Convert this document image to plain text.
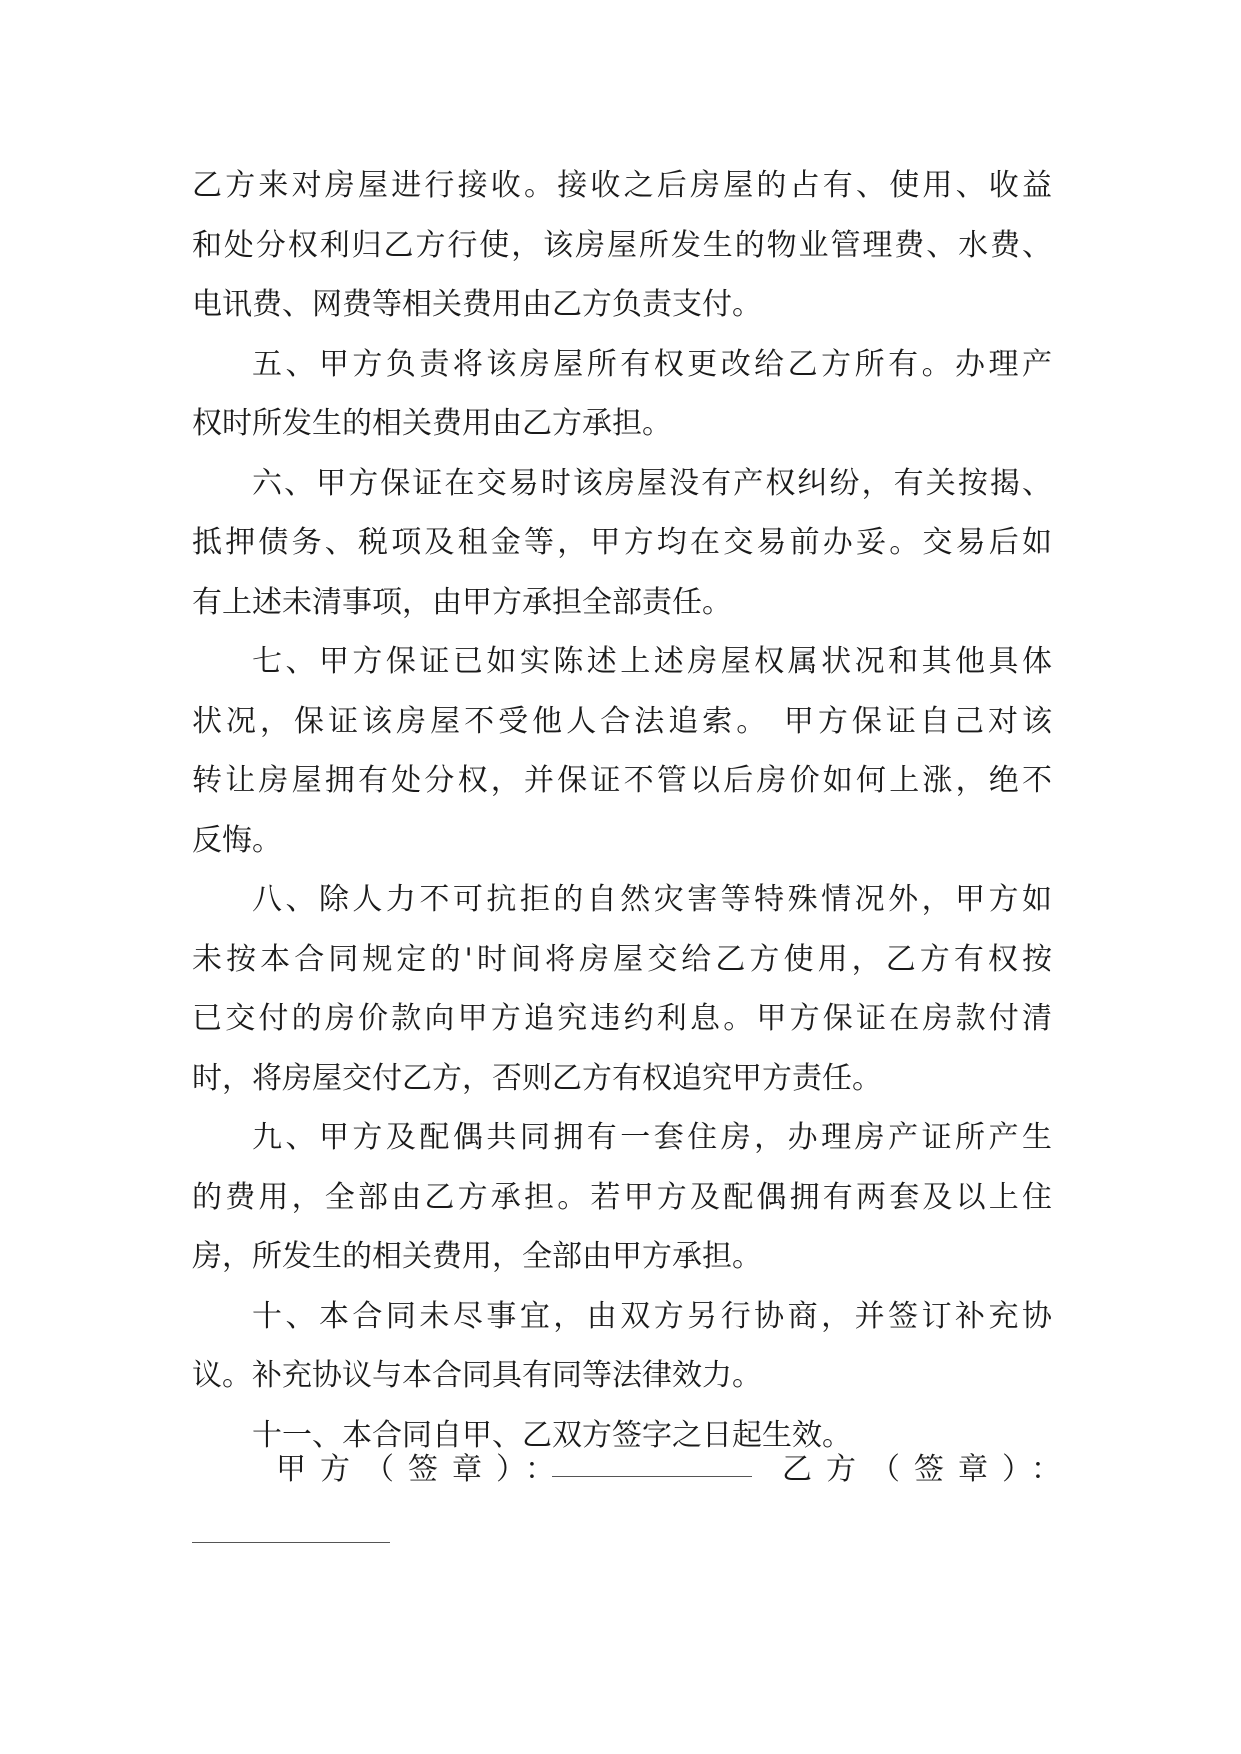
乙方来对房屋进行接收。接收之后房屋的占有、使用、收益
和处分权利归乙方行使，该房屋所发生的物业管理费、水费、
电讯费、网费等相关费用由乙方负责支付。
五、甲方负责将该房屋所有权更改给乙方所有。办理产
权时所发生的相关费用由乙方承担。
六、甲方保证在交易时该房屋没有产权纠纷，有关按揭、
抵押债务、税项及租金等，甲方均在交易前办妥。交易后如
有上述未清事项，由甲方承担全部责任。
七、甲方保证已如实陈述上述房屋权属状况和其他具体
状况，保证该房屋不受他人合法追索。 甲方保证自己对该
转让房屋拥有处分权，并保证不管以后房价如何上涨，绝不
反悔。
八、除人力不可抗拒的自然灾害等特殊情况外，甲方如
未按本合同规定的'时间将房屋交给乙方使用，乙方有权按
已交付的房价款向甲方追究违约利息。甲方保证在房款付清
时，将房屋交付乙方，否则乙方有权追究甲方责任。
九、甲方及配偶共同拥有一套住房，办理房产证所产生
的费用，全部由乙方承担。若甲方及配偶拥有两套及以上住
房，所发生的相关费用，全部由甲方承担。
十、本合同未尽事宜，由双方另行协商，并签订补充协
议。补充协议与本合同具有同等法律效力。
十一、本合同自甲、乙双方签字之日起生效。
甲方（签章）：	乙方（签章）：
